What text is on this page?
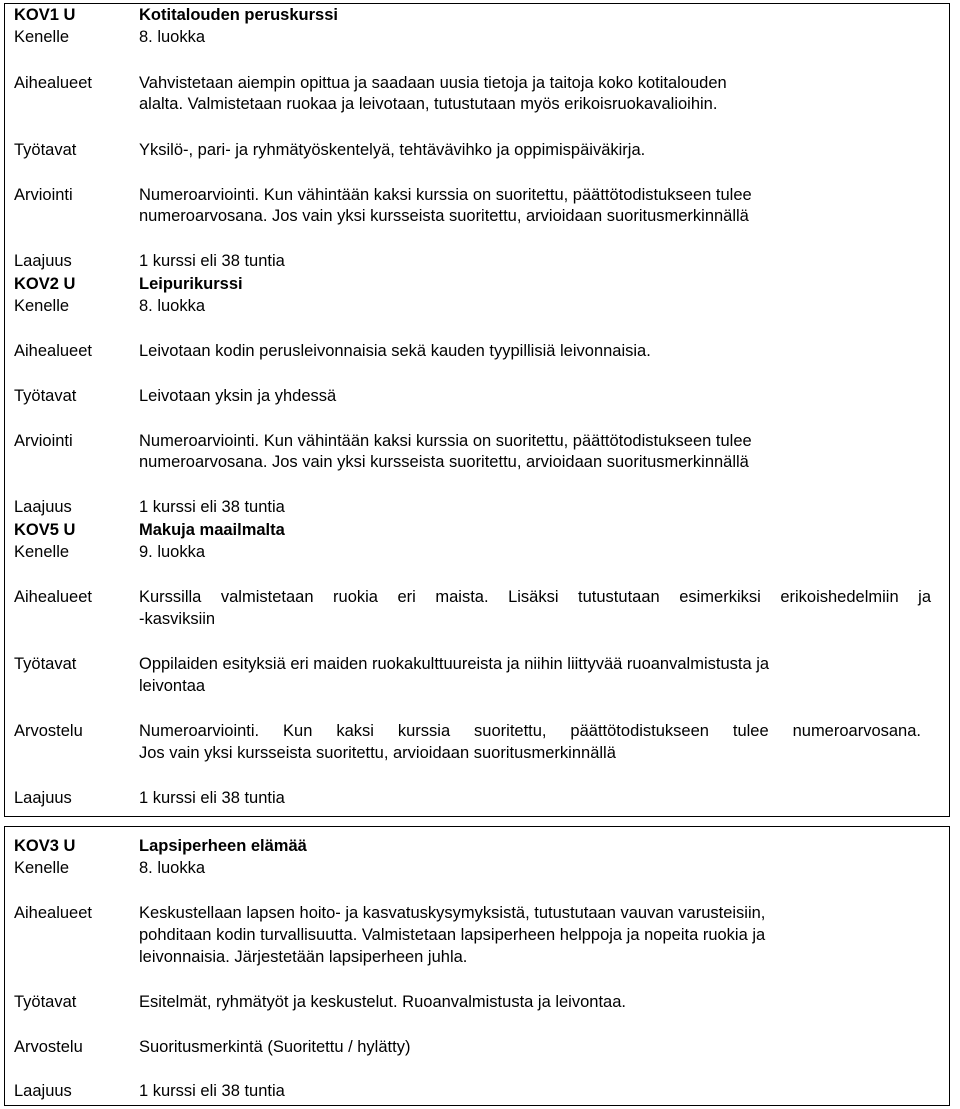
KOV1 U	Kotitalouden peruskurssi
Kenelle	8. luokka
Aihealueet	Vahvistetaan aiempin opittua ja saadaan uusia tietoja ja taitoja koko kotitalouden
alalta. Valmistetaan ruokaa ja leivotaan, tutustutaan myös erikoisruokavalioihin.
Työtavat	Yksilö-, pari- ja ryhmätyöskentelyä, tehtävävihko ja oppimispäiväkirja.
Arviointi	Numeroarviointi. Kun vähintään kaksi kurssia on suoritettu, päättötodistukseen tulee
numeroarvosana. Jos vain yksi kursseista suoritettu, arvioidaan suoritusmerkinnällä
Laajuus	1 kurssi eli 38 tuntia
KOV2 U	Leipurikurssi
Kenelle	8. luokka
Aihealueet	Leivotaan kodin perusleivonnaisia sekä kauden tyypillisiä leivonnaisia.
Työtavat	Leivotaan yksin ja yhdessä
Arviointi	Numeroarviointi. Kun vähintään kaksi kurssia on suoritettu, päättötodistukseen tulee
numeroarvosana. Jos vain yksi kursseista suoritettu, arvioidaan suoritusmerkinnällä
Laajuus	1 kurssi eli 38 tuntia
KOV5 U	Makuja maailmalta
Kenelle	9. luokka
Aihealueet	Kurssilla valmistetaan ruokia eri maista. Lisäksi tutustutaan esimerkiksi erikoishedelmiin ja
-kasviksiin
Työtavat	Oppilaiden esityksiä eri maiden ruokakulttuureista ja niihin liittyvää ruoanvalmistusta ja
leivontaa
Arvostelu	Numeroarviointi. Kun kaksi kurssia suoritettu, päättötodistukseen tulee numeroarvosana.
Jos vain yksi kursseista suoritettu, arvioidaan suoritusmerkinnällä
Laajuus	1 kurssi eli 38 tuntia
KOV3 U	Lapsiperheen elämää
Kenelle	8. luokka
Aihealueet	Keskustellaan lapsen hoito- ja kasvatuskysymyksistä, tutustutaan vauvan varusteisiin,
pohditaan kodin turvallisuutta. Valmistetaan lapsiperheen helppoja ja nopeita ruokia ja
leivonnaisia. Järjestetään lapsiperheen juhla.
Työtavat	Esitelmät, ryhmätyöt ja keskustelut. Ruoanvalmistusta ja leivontaa.
Arvostelu	Suoritusmerkintä (Suoritettu / hylätty)
Laajuus	1 kurssi eli 38 tuntia
